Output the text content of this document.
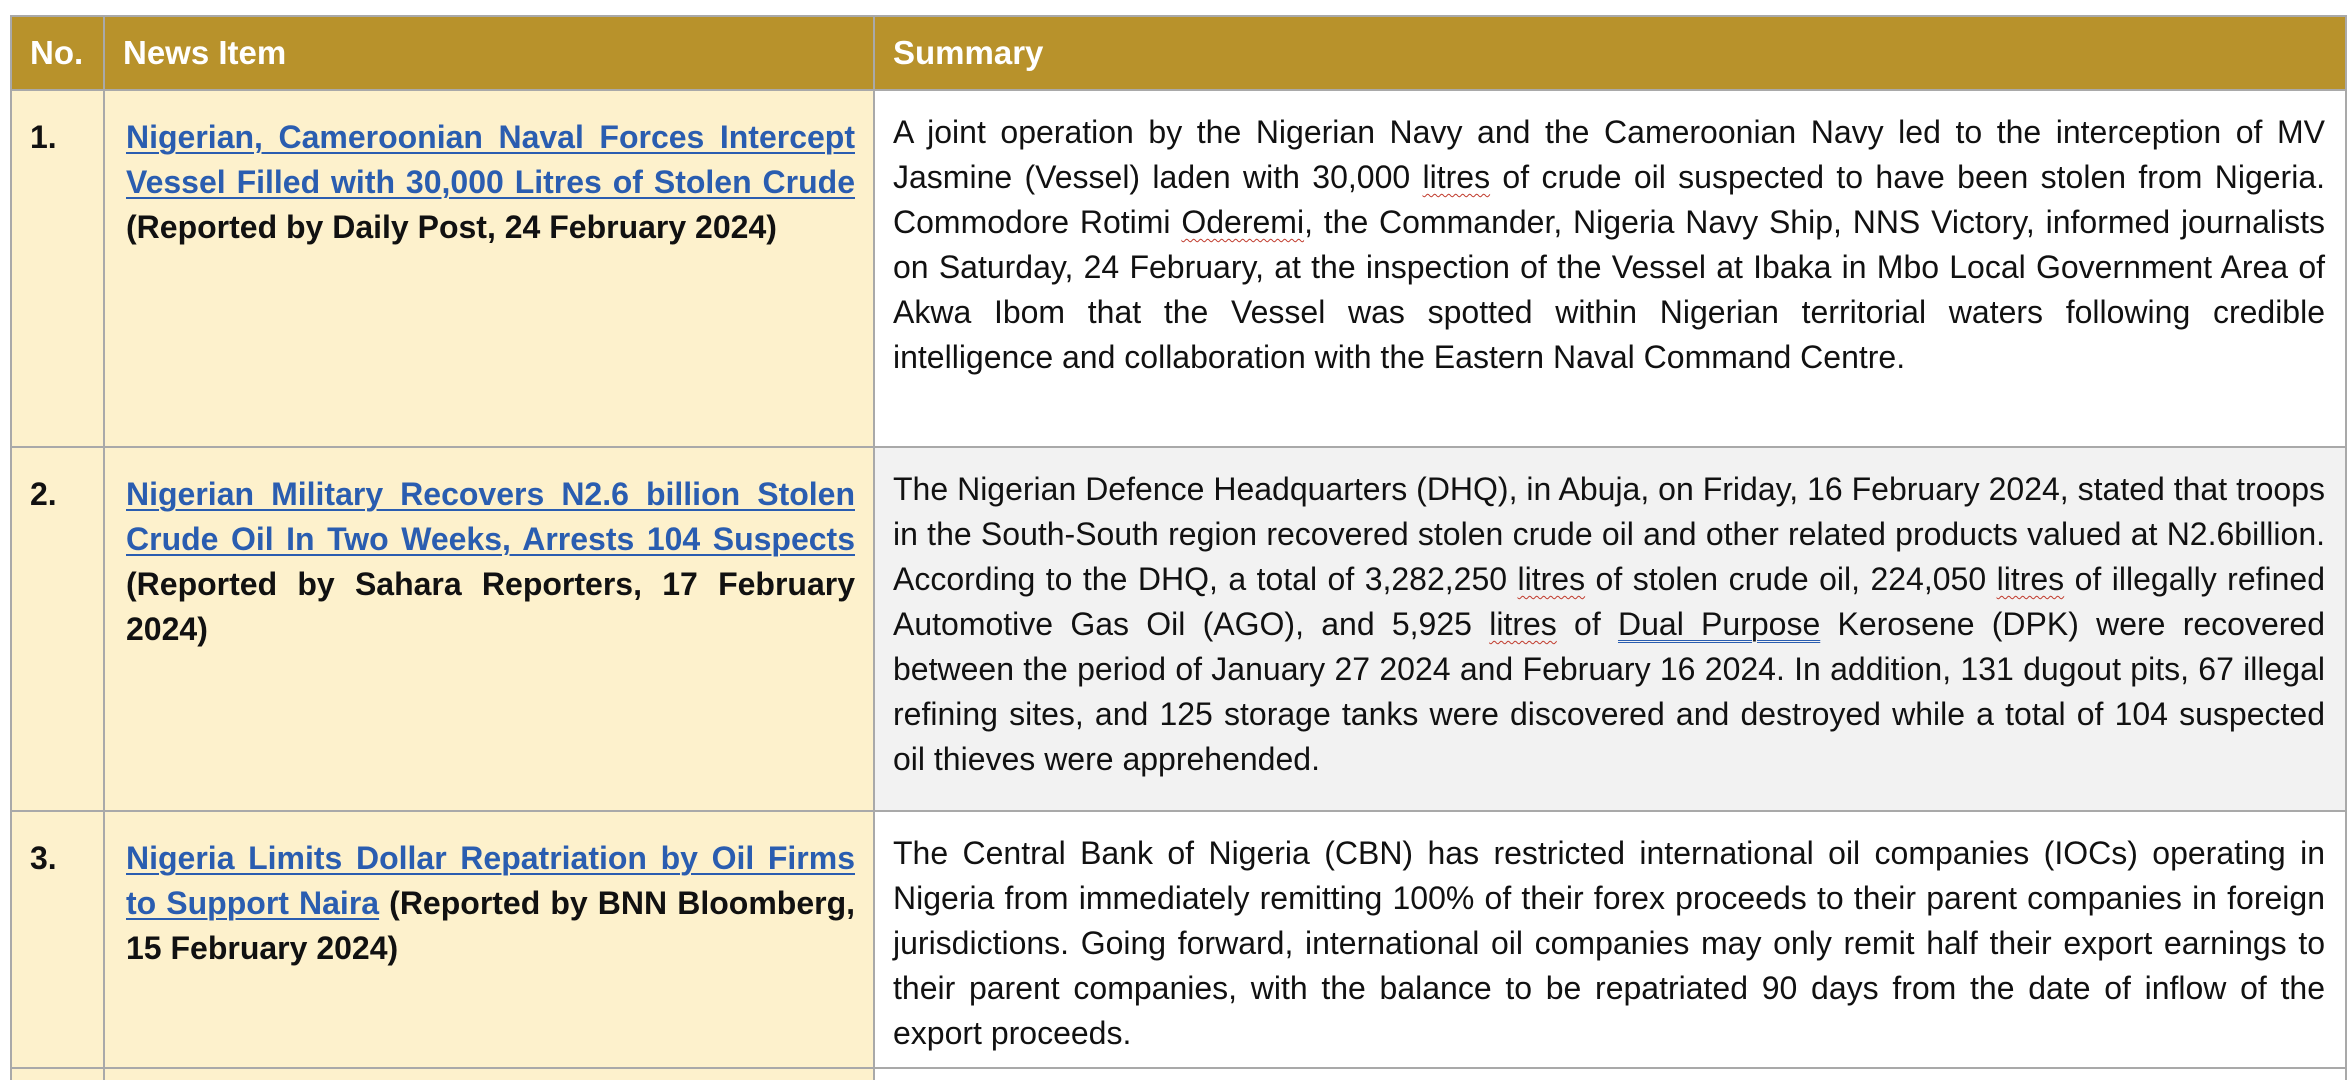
No.	News Item	Summary
1.	Nigerian, Cameroonian Naval Forces Intercept Vessel Filled with 30,000 Litres of Stolen Crude (Reported by Daily Post, 24 February 2024)	A joint operation by the Nigerian Navy and the Cameroonian Navy led to the interception of MV Jasmine (Vessel) laden with 30,000 litres of crude oil suspected to have been stolen from Nigeria. Commodore Rotimi Oderemi, the Commander, Nigeria Navy Ship, NNS Victory, informed journalists on Saturday, 24 February, at the inspection of the Vessel at Ibaka in Mbo Local Government Area of Akwa Ibom that the Vessel was spotted within Nigerian territorial waters following credible intelligence and collaboration with the Eastern Naval Command Centre.
2.	Nigerian Military Recovers N2.6 billion Stolen Crude Oil In Two Weeks, Arrests 104 Suspects (Reported by Sahara Reporters, 17 February 2024)	The Nigerian Defence Headquarters (DHQ), in Abuja, on Friday, 16 February 2024, stated that troops in the South-South region recovered stolen crude oil and other related products valued at N2.6billion. According to the DHQ, a total of 3,282,250 litres of stolen crude oil, 224,050 litres of illegally refined Automotive Gas Oil (AGO), and 5,925 litres of Dual Purpose Kerosene (DPK) were recovered between the period of January 27 2024 and February 16 2024. In addition, 131 dugout pits, 67 illegal refining sites, and 125 storage tanks were discovered and destroyed while a total of 104 suspected oil thieves were apprehended.
3.	Nigeria Limits Dollar Repatriation by Oil Firms to Support Naira (Reported by BNN Bloomberg, 15 February 2024)	The Central Bank of Nigeria (CBN) has restricted international oil companies (IOCs) operating in Nigeria from immediately remitting 100% of their forex proceeds to their parent companies in foreign jurisdictions. Going forward, international oil companies may only remit half their export earnings to their parent companies, with the balance to be repatriated 90 days from the date of inflow of the export proceeds.
